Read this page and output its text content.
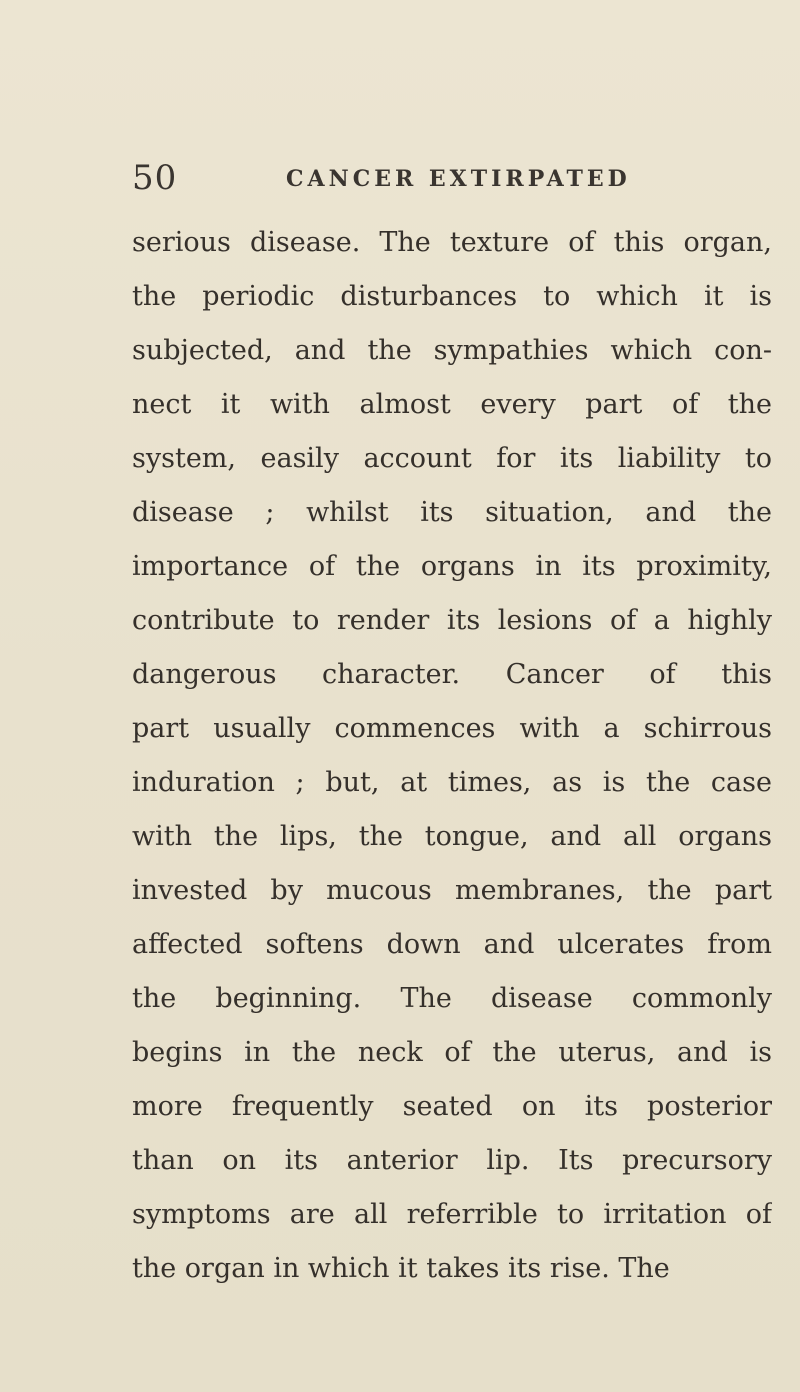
50	CANCER EXTIRPATED
serious disease. The texture of this organ,
the periodic disturbances to which it is
subjected, and the sympathies which con-
nect it with almost every part of the
system, easily account for its liability to
disease ; whilst its situation, and the
importance of the organs in its proximity,
contribute to render its lesions of a highly
dangerous character. Cancer of this
part usually commences with a schirrous
induration ; but, at times, as is the case
with the lips, the tongue, and all organs
invested by mucous membranes, the part
affected softens down and ulcerates from
the beginning. The disease commonly
begins in the neck of the uterus, and is
more frequently seated on its posterior
than on its anterior lip. Its precursory
symptoms are all referrible to irritation of
the organ in which it takes its rise. The
